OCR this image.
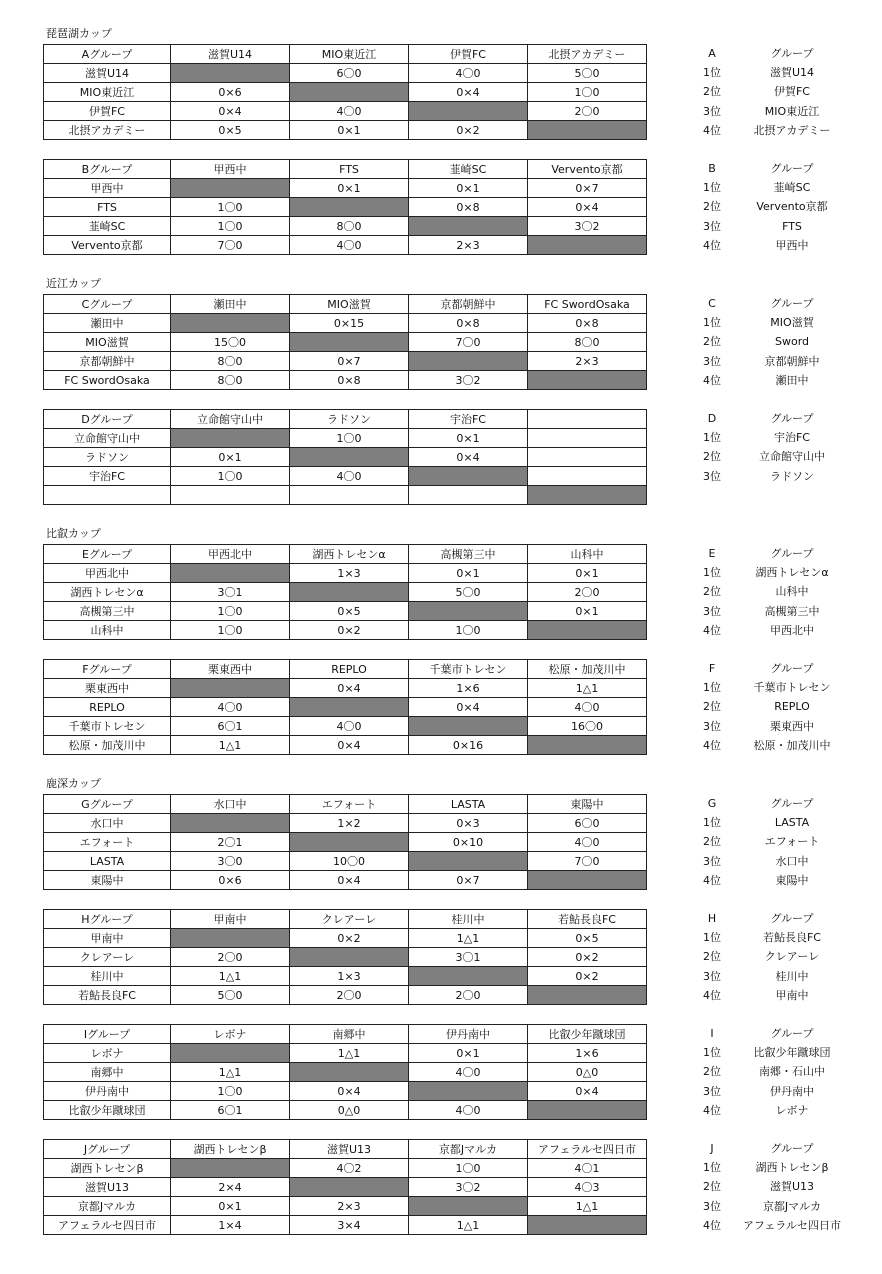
琵琶湖カップ
近江カップ
比叡カップ
鹿深カップ
Aグループ	滋賀U14	MIO東近江	伊賀FC	北摂アカデミー
滋賀U14		6〇0	4〇0	5〇0
MIO東近江	0×6		0×4	1〇0
伊賀FC	0×4	4〇0		2〇0
北摂アカデミー	0×5	0×1	0×2	
A	グループ
1位	滋賀U14
2位	伊賀FC
3位	MIO東近江
4位	北摂アカデミー
Bグループ	甲西中	FTS	韮崎SC	Vervento京都
甲西中		0×1	0×1	0×7
FTS	1〇0		0×8	0×4
韮崎SC	1〇0	8〇0		3〇2
Vervento京都	7〇0	4〇0	2×3	
B	グループ
1位	韮崎SC
2位	Vervento京都
3位	FTS
4位	甲西中
Cグループ	瀬田中	MIO滋賀	京都朝鮮中	FC SwordOsaka
瀬田中		0×15	0×8	0×8
MIO滋賀	15〇0		7〇0	8〇0
京都朝鮮中	8〇0	0×7		2×3
FC SwordOsaka	8〇0	0×8	3〇2	
C	グループ
1位	MIO滋賀
2位	Sword
3位	京都朝鮮中
4位	瀬田中
Dグループ	立命館守山中	ラドソン	宇治FC	
立命館守山中		1〇0	0×1	
ラドソン	0×1		0×4	
宇治FC	1〇0	4〇0		

D	グループ
1位	宇治FC
2位	立命館守山中
3位	ラドソン
Eグループ	甲西北中	湖西トレセンα	高槻第三中	山科中
甲西北中		1×3	0×1	0×1
湖西トレセンα	3〇1		5〇0	2〇0
高槻第三中	1〇0	0×5		0×1
山科中	1〇0	0×2	1〇0	
E	グループ
1位	湖西トレセンα
2位	山科中
3位	高槻第三中
4位	甲西北中
Fグループ	栗東西中	REPLO	千葉市トレセン	松原・加茂川中
栗東西中		0×4	1×6	1△1
REPLO	4〇0		0×4	4〇0
千葉市トレセン	6〇1	4〇0		16〇0
松原・加茂川中	1△1	0×4	0×16	
F	グループ
1位	千葉市トレセン
2位	REPLO
3位	栗東西中
4位	松原・加茂川中
Gグループ	水口中	エフォート	LASTA	東陽中
水口中		1×2	0×3	6〇0
エフォート	2〇1		0×10	4〇0
LASTA	3〇0	10〇0		7〇0
東陽中	0×6	0×4	0×7	
G	グループ
1位	LASTA
2位	エフォート
3位	水口中
4位	東陽中
Hグループ	甲南中	クレアーレ	桂川中	若鮎長良FC
甲南中		0×2	1△1	0×5
クレアーレ	2〇0		3〇1	0×2
桂川中	1△1	1×3		0×2
若鮎長良FC	5〇0	2〇0	2〇0	
H	グループ
1位	若鮎長良FC
2位	クレアーレ
3位	桂川中
4位	甲南中
Iグループ	レボナ	南郷中	伊丹南中	比叡少年蹴球団
レボナ		1△1	0×1	1×6
南郷中	1△1		4〇0	0△0
伊丹南中	1〇0	0×4		0×4
比叡少年蹴球団	6〇1	0△0	4〇0	
I	グループ
1位	比叡少年蹴球団
2位	南郷・石山中
3位	伊丹南中
4位	レボナ
Jグループ	湖西トレセンβ	滋賀U13	京都Jマルカ	アフェラルセ四日市
湖西トレセンβ		4〇2	1〇0	4〇1
滋賀U13	2×4		3〇2	4〇3
京都Jマルカ	0×1	2×3		1△1
アフェラルセ四日市	1×4	3×4	1△1	
J	グループ
1位	湖西トレセンβ
2位	滋賀U13
3位	京都Jマルカ
4位	アフェラルセ四日市
